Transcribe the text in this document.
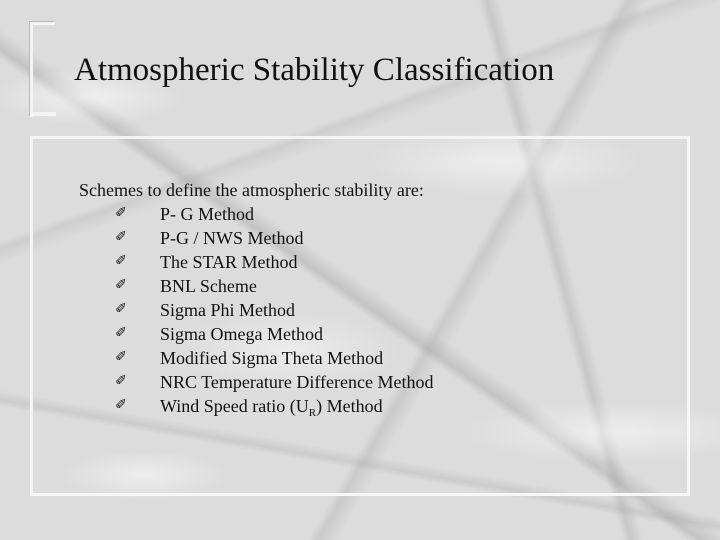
Atmospheric Stability Classification
Schemes to define the atmospheric stability are:
✐ P- G Method
✐ P-G / NWS Method
✐ The STAR Method
✐ BNL Scheme
✐ Sigma Phi Method
✐ Sigma Omega Method
✐ Modified Sigma Theta Method
✐ NRC Temperature Difference Method
✐ Wind Speed ratio $(U_R)$ Method
